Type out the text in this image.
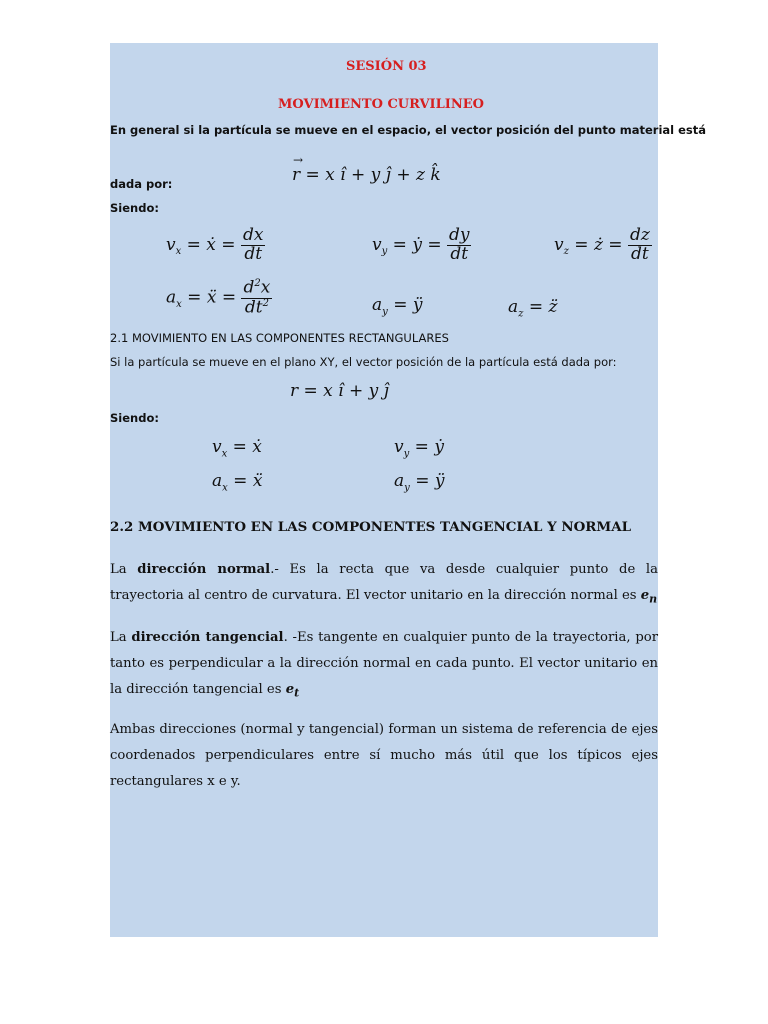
SESIÓN 03
MOVIMIENTO CURVILINEO
En general si la partícula se mueve en el espacio, el vector posición del punto material está
→
r = x î + y ĵ + z k̂
dada por:
Siendo:
$v_x$ = ẋ = $\frac{dx}{dt}$	$v_y$ = ẏ = $\frac{dy}{dt}$	$v_z$ = ż = $\frac{dz}{dt}$
$a_x$ = ẍ = $\frac{d^2x}{dt^2}$	$a_y$ = ÿ	$a_z$ = z̈
2.1 MOVIMIENTO EN LAS COMPONENTES RECTANGULARES
Si la partícula se mueve en el plano XY, el vector posición de la partícula está dada por:
r = x î + y ĵ
Siendo:
$v_x$ = ẋ	$v_y$ = ẏ
$a_x$ = ẍ	$a_y$ = ÿ
2.2 MOVIMIENTO EN LAS COMPONENTES TANGENCIAL Y NORMAL
La dirección normal.- Es la recta que va desde cualquier punto de la trayectoria al centro de curvatura. El vector unitario en la dirección normal es $e_n$
La dirección tangencial. -Es tangente en cualquier punto de la trayectoria, por tanto es perpendicular a la dirección normal en cada punto. El vector unitario en la dirección tangencial es $e_t$
Ambas direcciones (normal y tangencial) forman un sistema de referencia de ejes coordenados perpendiculares entre sí mucho más útil que los típicos ejes rectangulares x e y.
